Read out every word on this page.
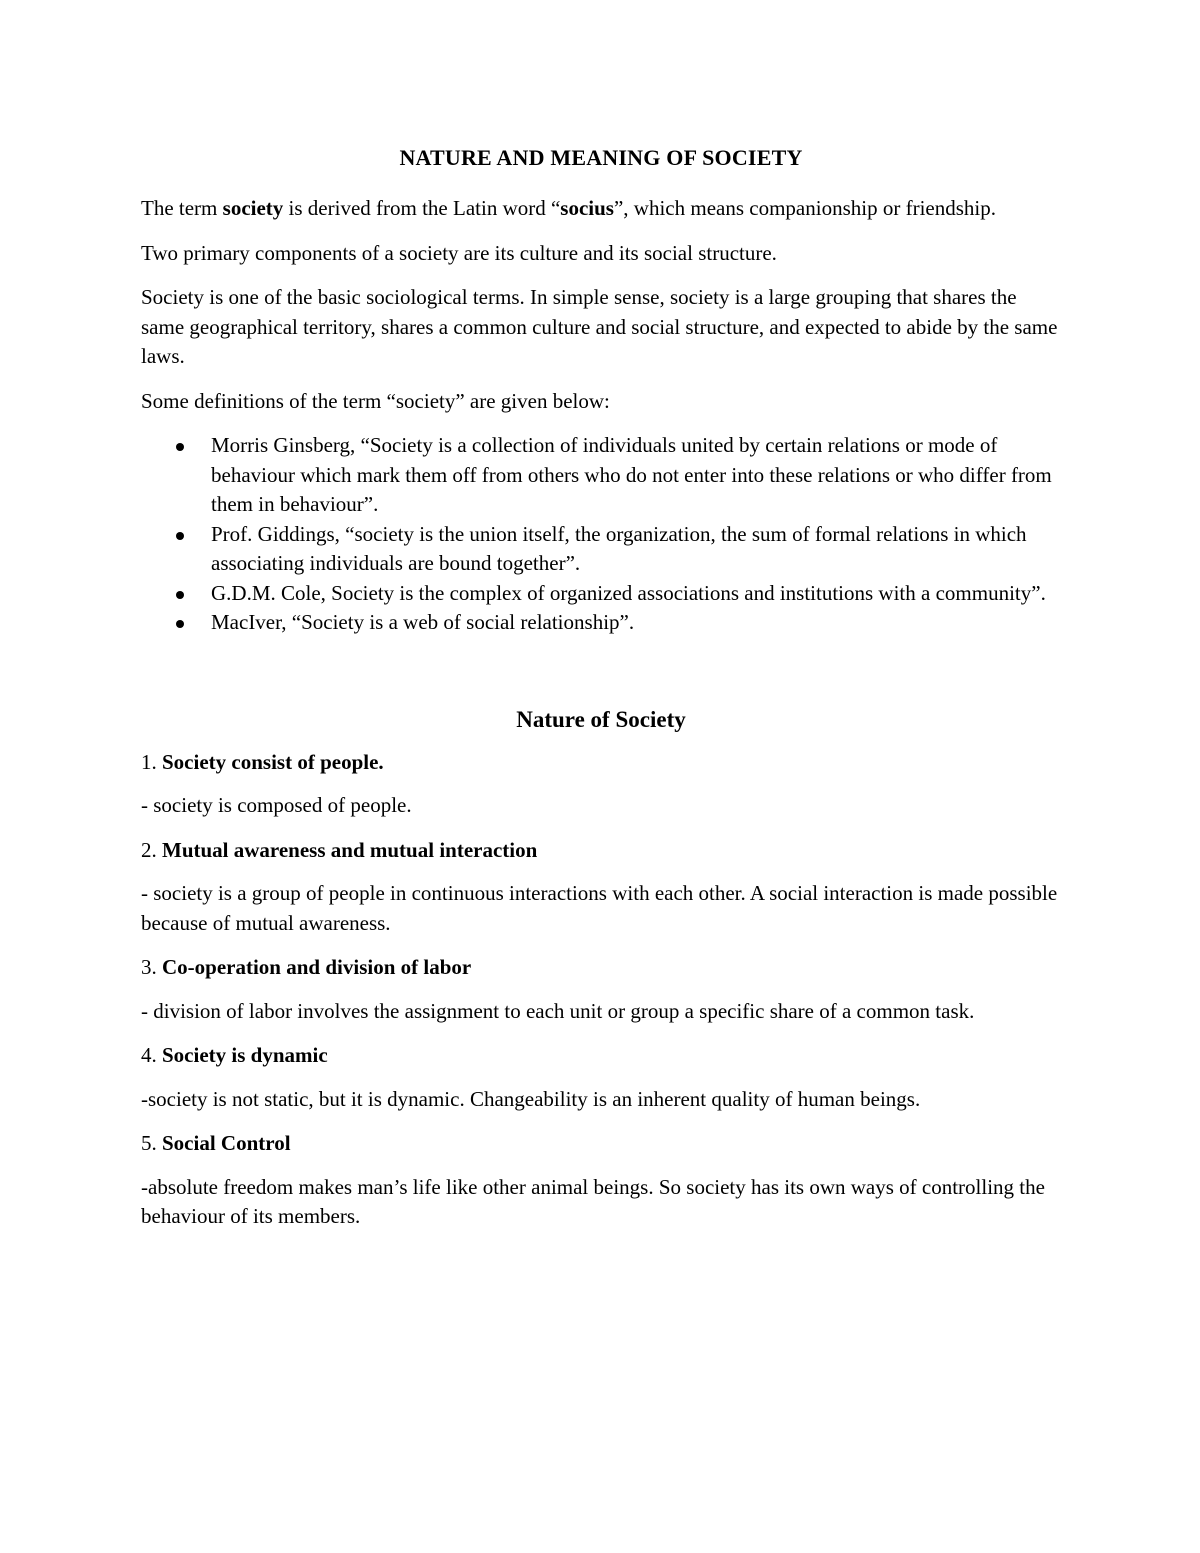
NATURE AND MEANING OF SOCIETY

The term society is derived from the Latin word “socius”, which means companionship or friendship.

Two primary components of a society are its culture and its social structure.

Society is one of the basic sociological terms. In simple sense, society is a large grouping that shares the same geographical territory, shares a common culture and social structure, and expected to abide by the same laws.

Some definitions of the term “society” are given below:

Morris Ginsberg, “Society is a collection of individuals united by certain relations or mode of behaviour which mark them off from others who do not enter into these relations or who differ from them in behaviour”.
Prof. Giddings, “society is the union itself, the organization, the sum of formal relations in which associating individuals are bound together”.
G.D.M. Cole, Society is the complex of organized associations and institutions with a community”.
MacIver, “Society is a web of social relationship”.
Nature of Society

1. Society consist of people.

- society is composed of people.

2. Mutual awareness and mutual interaction

- society is a group of people in continuous interactions with each other. A social interaction is made possible because of mutual awareness.

3. Co-operation and division of labor

- division of labor involves the assignment to each unit or group a specific share of a common task.

4. Society is dynamic

-society is not static, but it is dynamic. Changeability is an inherent quality of human beings.

5. Social Control

-absolute freedom makes man’s life like other animal beings. So society has its own ways of controlling the behaviour of its members.
